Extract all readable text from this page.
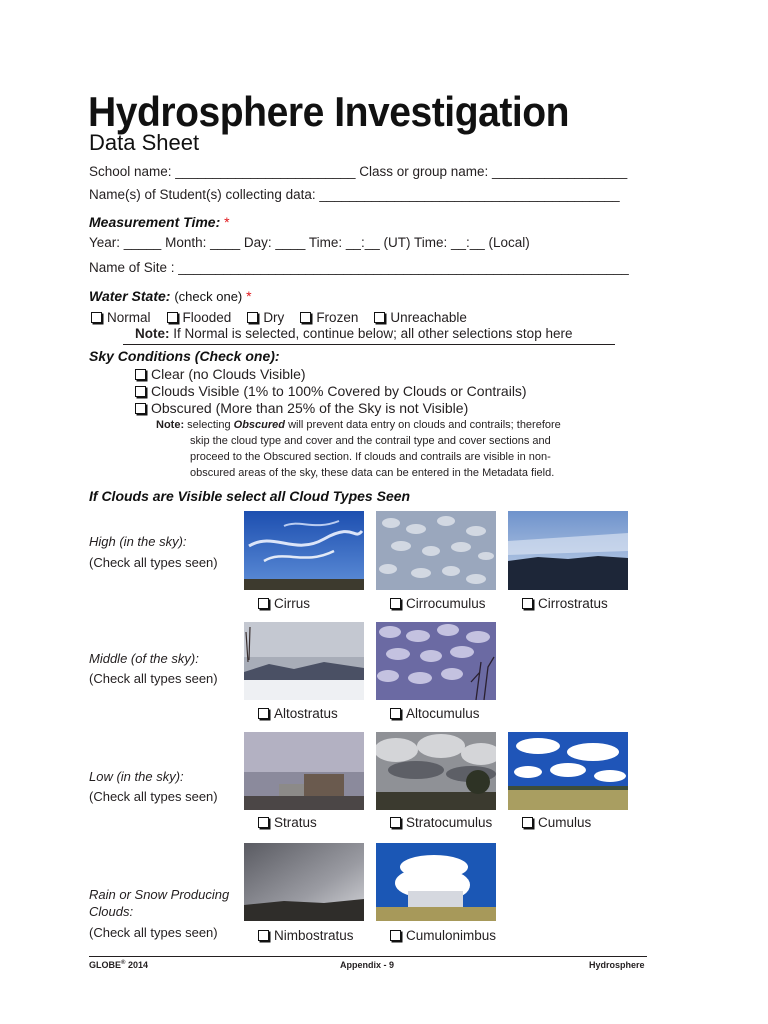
Hydrosphere Investigation
Data Sheet
School name: ________________________ Class or group name: __________________
Name(s) of Student(s) collecting data: ________________________________________
Measurement Time: *
Year: _____ Month: ____ Day: ____ Time: __:__ (UT) Time: __:__ (Local)
Name of Site : ____________________________________________________________
Water State: (check one) *
Normal Flooded Dry Frozen Unreachable
Note: If Normal is selected, continue below; all other selections stop here
Sky Conditions (Check one):
Clear (no Clouds Visible)
Clouds Visible (1% to 100% Covered by Clouds or Contrails)
Obscured (More than 25% of the Sky is not Visible)
Note: selecting Obscured will prevent data entry on clouds and contrails; therefore
skip the cloud type and cover and the contrail type and cover sections and
proceed to the Obscured section. If clouds and contrails are visible in non-
obscured areas of the sky, these data can be entered in the Metadata field.
If Clouds are Visible select all Cloud Types Seen
High (in the sky):
(Check all types seen)
Cirrus	Cirrocumulus	Cirrostratus
Middle (of the sky):
(Check all types seen)
Altostratus	Altocumulus
Low (in the sky):
(Check all types seen)
Stratus	Stratocumulus	Cumulus
Rain or Snow Producing
Clouds:
(Check all types seen)	Nimbostratus	Cumulonimbus
GLOBE® 2014	Appendix - 9	Hydrosphere
